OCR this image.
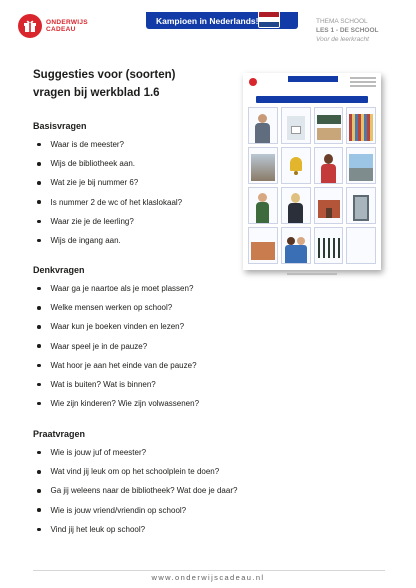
ONDERWIJS
CADEAU
Kampioen in Nederlands!	THEMA SCHOOL
LES 1 - DE SCHOOL
Voor de leerkracht
Suggesties voor (soorten)
vragen bij werkblad 1.6
Basisvragen
Waar is de meester?
Wijs de bibliotheek aan.
Wat zie je bij nummer 6?
Is nummer 2 de wc of het klaslokaal?
Waar zie je de leerling?
Wijs de ingang aan.
Denkvragen
Waar ga je naartoe als je moet plassen?
Welke mensen werken op school?
Waar kun je boeken vinden en lezen?
Waar speel je in de pauze?
Wat hoor je aan het einde van de pauze?
Wat is buiten? Wat is binnen?
Wie zijn kinderen? Wie zijn volwassenen?
Praatvragen
Wie is jouw juf of meester?
Wat vind jij leuk om op het schoolplein te doen?
Ga jij weleens naar de bibliotheek? Wat doe je daar?
Wie is jouw vriend/vriendin op school?
Vind jij het leuk op school?
www.onderwijscadeau.nl
